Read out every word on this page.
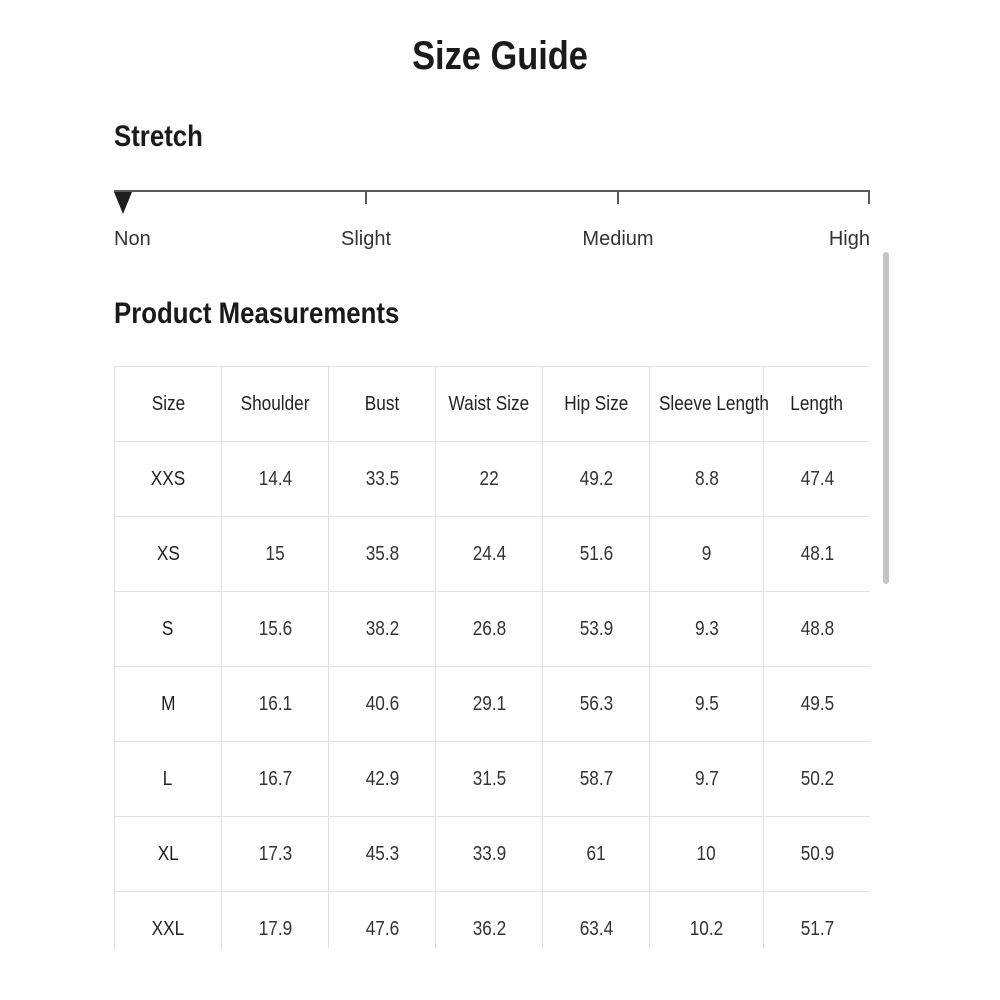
Size Guide
Stretch
Non	Slight	Medium	High
Product Measurements
Size	Shoulder	Bust	Waist Size	Hip Size	Sleeve Length	Length
XXS	14.4	33.5	22	49.2	8.8	47.4
XS	15	35.8	24.4	51.6	9	48.1
S	15.6	38.2	26.8	53.9	9.3	48.8
M	16.1	40.6	29.1	56.3	9.5	49.5
L	16.7	42.9	31.5	58.7	9.7	50.2
XL	17.3	45.3	33.9	61	10	50.9
XXL	17.9	47.6	36.2	63.4	10.2	51.7
